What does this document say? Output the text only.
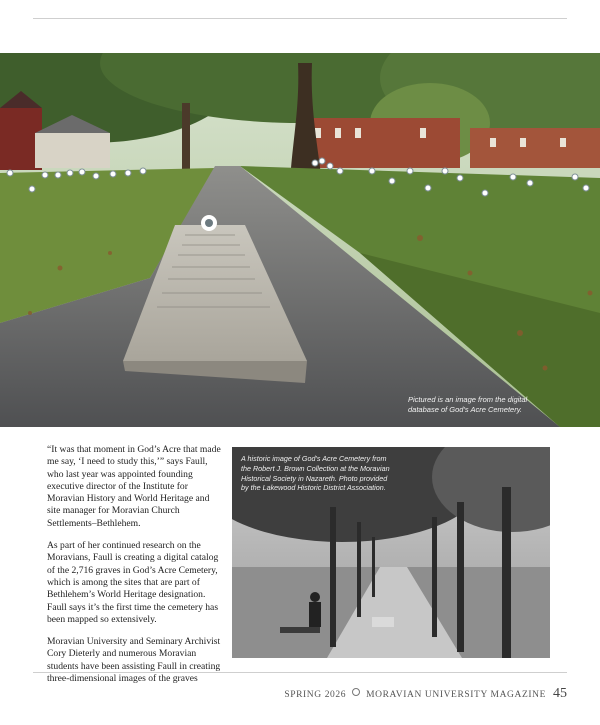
Pictured is an image from the digital database of God's Acre Cemetery.

“It was that moment in God’s Acre that made me say, ‘I need to study this,’” says Faull, who last year was appointed founding executive director of the Institute for Moravian History and World Heritage and site manager for Moravian Church Settlements–Bethlehem.

As part of her continued research on the Moravians, Faull is creating a digital catalog of the 2,716 graves in God’s Acre Cemetery, which is among the sites that are part of Bethlehem’s World Heritage designation. Faull says it’s the first time the cemetery has been mapped so extensively.

Moravian University and Seminary Archivist Cory Dieterly and numerous Moravian students have been assisting Faull in creating three-dimensional images of the graves

A historic image of God’s Acre Cemetery from the Robert J. Brown Collection at the Moravian Historical Society in Nazareth. Photo provided by the Lakewood Historic District Association.
SPRING 2026 MORAVIAN UNIVERSITY MAGAZINE 45
